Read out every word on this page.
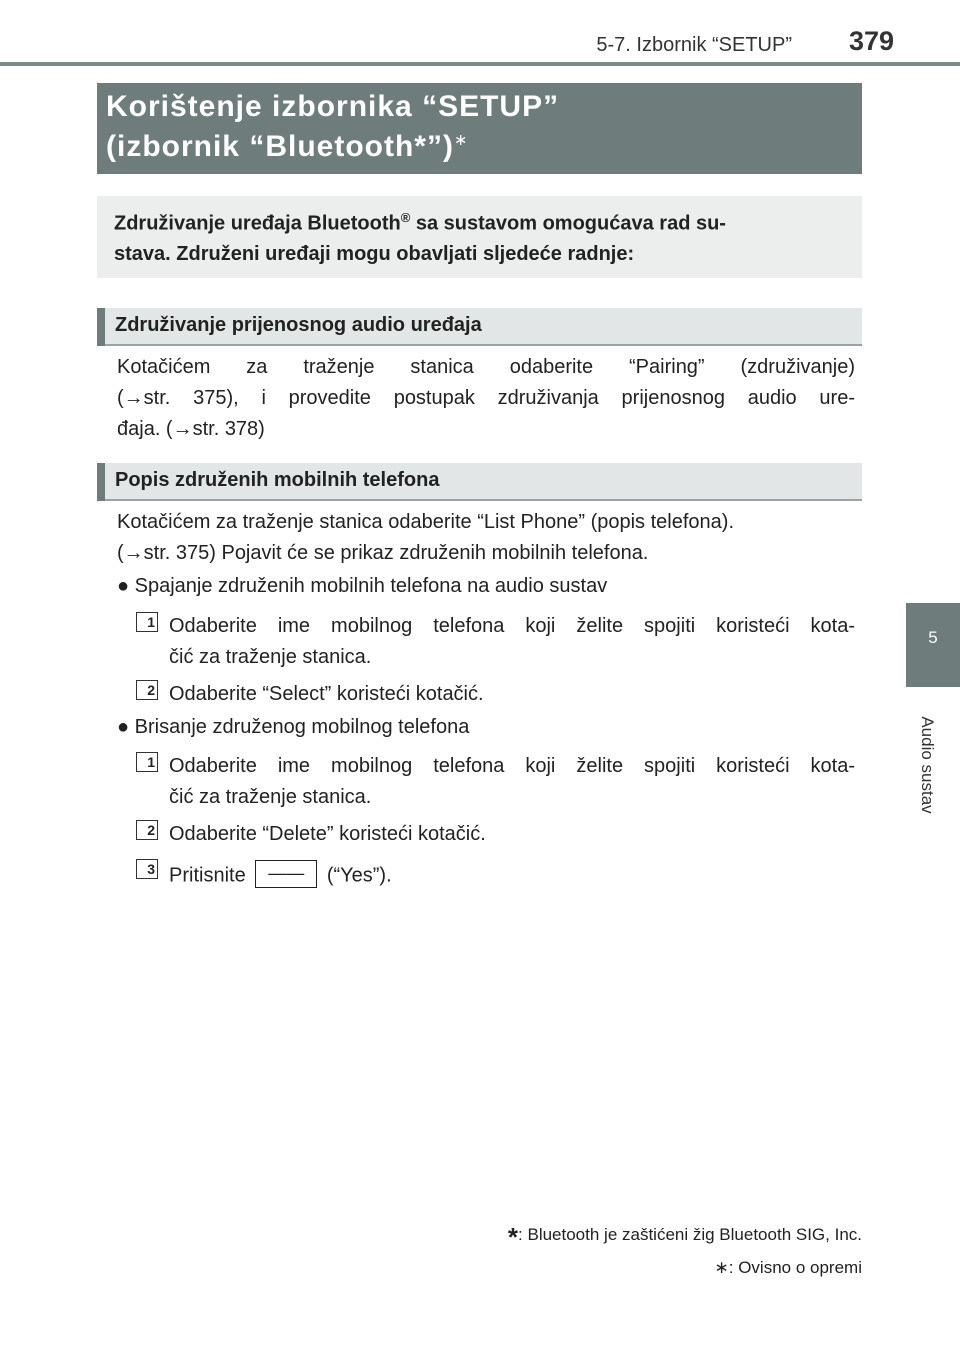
5-7. Izbornik “SETUP” 379
5
Audio sustav
Korištenje izbornika “SETUP”
(izbornik “Bluetooth*”)∗
Združivanje uređaja Bluetooth® sa sustavom omogućava rad su-
stava. Združeni uređaji mogu obavljati sljedeće radnje:
Združivanje prijenosnog audio uređaja
Kotačićem za traženje stanica odaberite “Pairing” (združivanje)
(→str. 375), i provedite postupak združivanja prijenosnog audio ure-
đaja. (→str. 378)
Popis združenih mobilnih telefona
Kotačićem za traženje stanica odaberite “List Phone” (popis telefona).
(→str. 375) Pojavit će se prikaz združenih mobilnih telefona.
● Spajanje združenih mobilnih telefona na audio sustav
1 Odaberite ime mobilnog telefona koji želite spojiti koristeći kota-
čić za traženje stanica.
2 Odaberite “Select” koristeći kotačić.
● Brisanje združenog mobilnog telefona
1 Odaberite ime mobilnog telefona koji želite spojiti koristeći kota-
čić za traženje stanica.
2 Odaberite “Delete” koristeći kotačić.
3 Pritisnite —— (“Yes”).
*: Bluetooth je zaštićeni žig Bluetooth SIG, Inc.
∗: Ovisno o opremi
